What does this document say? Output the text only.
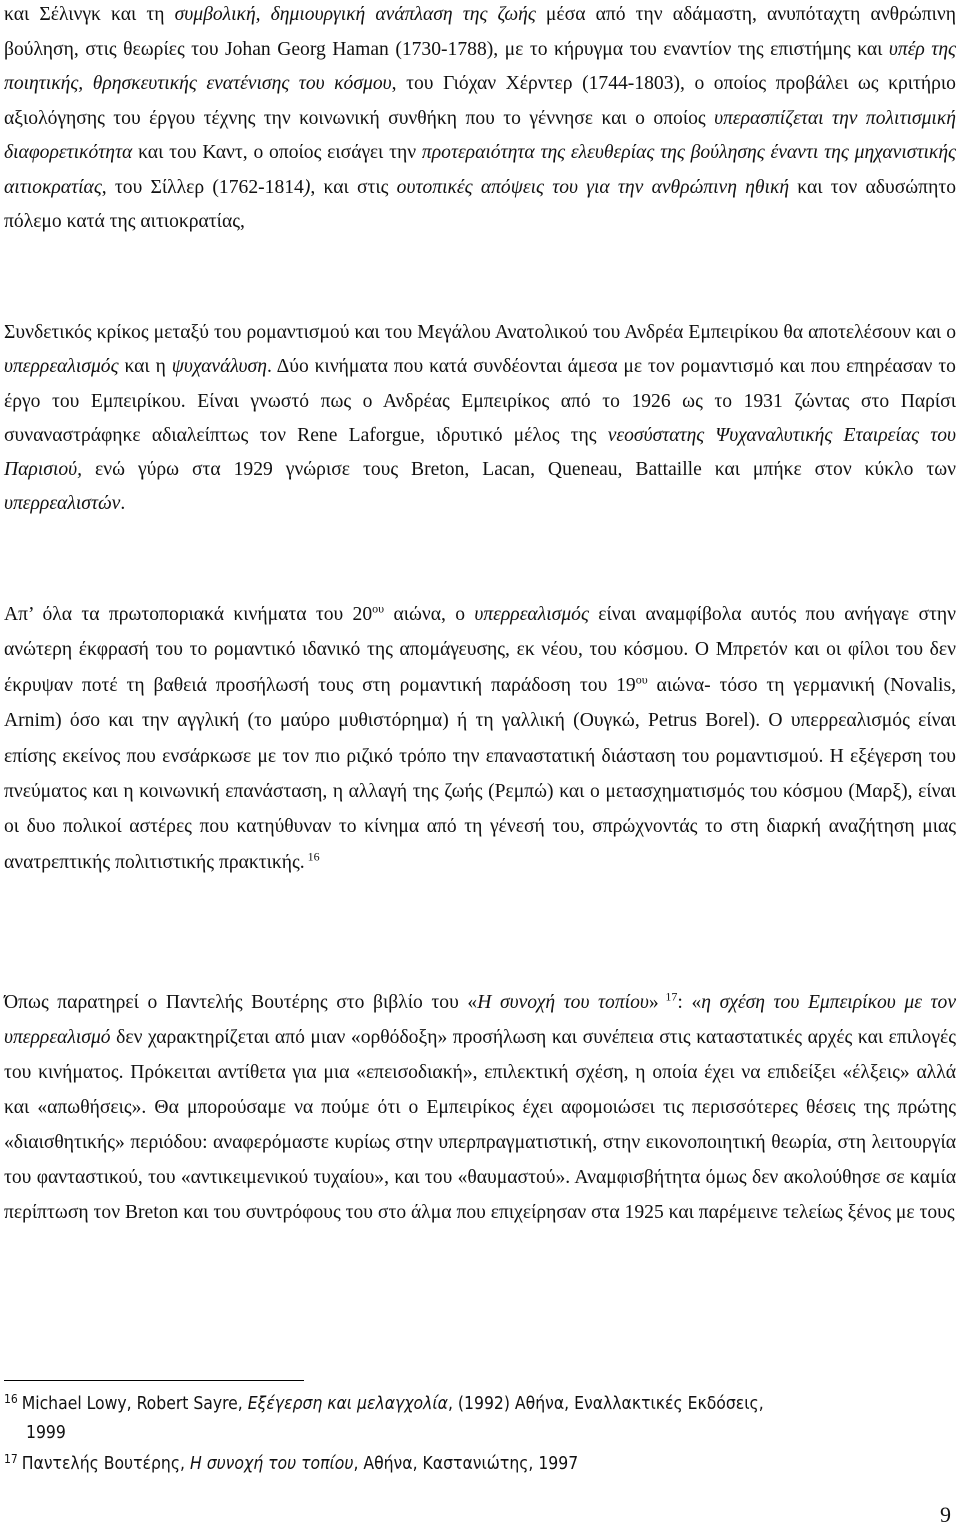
και Σέλινγκ και τη συμβολική, δημιουργική ανάπλαση της ζωής μέσα από την αδάμαστη, ανυπόταχτη ανθρώπινη βούληση, στις θεωρίες του Johan Georg Haman (1730-1788), με το κήρυγμα του εναντίον της επιστήμης και υπέρ της ποιητικής, θρησκευτικής ενατένισης του κόσμου, του Γιόχαν Χέρντερ (1744-1803), ο οποίος προβάλει ως κριτήριο αξιολόγησης του έργου τέχνης την κοινωνική συνθήκη που το γέννησε και ο οποίος υπερασπίζεται την πολιτισμική διαφορετικότητα και του Καντ, ο οποίος εισάγει την προτεραιότητα της ελευθερίας της βούλησης έναντι της μηχανιστικής αιτιοκρατίας, του Σίλλερ (1762-1814), και στις ουτοπικές απόψεις του για την ανθρώπινη ηθική και τον αδυσώπητο πόλεμο κατά της αιτιοκρατίας,

Συνδετικός κρίκος μεταξύ του ρομαντισμού και του Μεγάλου Ανατολικού του Ανδρέα Εμπειρίκου θα αποτελέσουν και ο υπερρεαλισμός και η ψυχανάλυση. Δύο κινήματα που κατά συνδέονται άμεσα με τον ρομαντισμό και που επηρέασαν το έργο του Εμπειρίκου. Είναι γνωστό πως ο Ανδρέας Εμπειρίκος από το 1926 ως το 1931 ζώντας στο Παρίσι συναναστράφηκε αδιαλείπτως τον Rene Laforgue, ιδρυτικό μέλος της νεοσύστατης Ψυχαναλυτικής Εταιρείας του Παρισιού, ενώ γύρω στα 1929 γνώρισε τους Breton, Lacan, Queneau, Battaille και μπήκε στον κύκλο των υπερρεαλιστών.

Απ’ όλα τα πρωτοποριακά κινήματα του $20^{o\upsilon}$ αιώνα, ο υπερρεαλισμός είναι αναμφίβολα αυτός που ανήγαγε στην ανώτερη έκφρασή του το ρομαντικό ιδανικό της απομάγευσης, εκ νέου, του κόσμου. Ο Μπρετόν και οι φίλοι του δεν έκρυψαν ποτέ τη βαθειά προσήλωσή τους στη ρομαντική παράδοση του $19^{o\upsilon}$ αιώνα- τόσο τη γερμανική (Novalis, Arnim) όσο και την αγγλική (το μαύρο μυθιστόρημα) ή τη γαλλική (Ουγκώ, Petrus Borel). Ο υπερρεαλισμός είναι επίσης εκείνος που ενσάρκωσε με τον πιο ριζικό τρόπο την επαναστατική διάσταση του ρομαντισμού. Η εξέγερση του πνεύματος και η κοινωνική επανάσταση, η αλλαγή της ζωής (Ρεμπώ) και ο μετασχηματισμός του κόσμου (Μαρξ), είναι οι δυο πολικοί αστέρες που κατηύθυναν το κίνημα από τη γένεσή του, σπρώχνοντάς το στη διαρκή αναζήτηση μιας ανατρεπτικής πολιτιστικής πρακτικής. $^{16}$

Όπως παρατηρεί ο Παντελής Βουτέρης στο βιβλίο του «Η συνοχή του τοπίου» $^{17}$: «η σχέση του Εμπειρίκου με τον υπερρεαλισμό δεν χαρακτηρίζεται από μιαν «ορθόδοξη» προσήλωση και συνέπεια στις καταστατικές αρχές και επιλογές του κινήματος. Πρόκειται αντίθετα για μια «επεισοδιακή», επιλεκτική σχέση, η οποία έχει να επιδείξει «έλξεις» αλλά και «απωθήσεις». Θα μπορούσαμε να πούμε ότι ο Εμπειρίκος έχει αφομοιώσει τις περισσότερες θέσεις της πρώτης «διαισθητικής» περιόδου: αναφερόμαστε κυρίως στην υπερπραγματιστική, στην εικονοποιητική θεωρία, στη λειτουργία του φανταστικού, του «αντικειμενικού τυχαίου», και του «θαυμαστού». Αναμφισβήτητα όμως δεν ακολούθησε σε καμία περίπτωση τον Breton και του συντρόφους του στο άλμα που επιχείρησαν στα 1925 και παρέμεινε τελείως ξένος με τους

$^{16}$ Michael Lowy, Robert Sayre, Εξέγερση και μελαγχολία, (1992) Αθήνα, Εναλλακτικές Εκδόσεις,
1999
$^{17}$ Παντελής Βουτέρης, Η συνοχή του τοπίου, Αθήνα, Καστανιώτης, 1997
9
